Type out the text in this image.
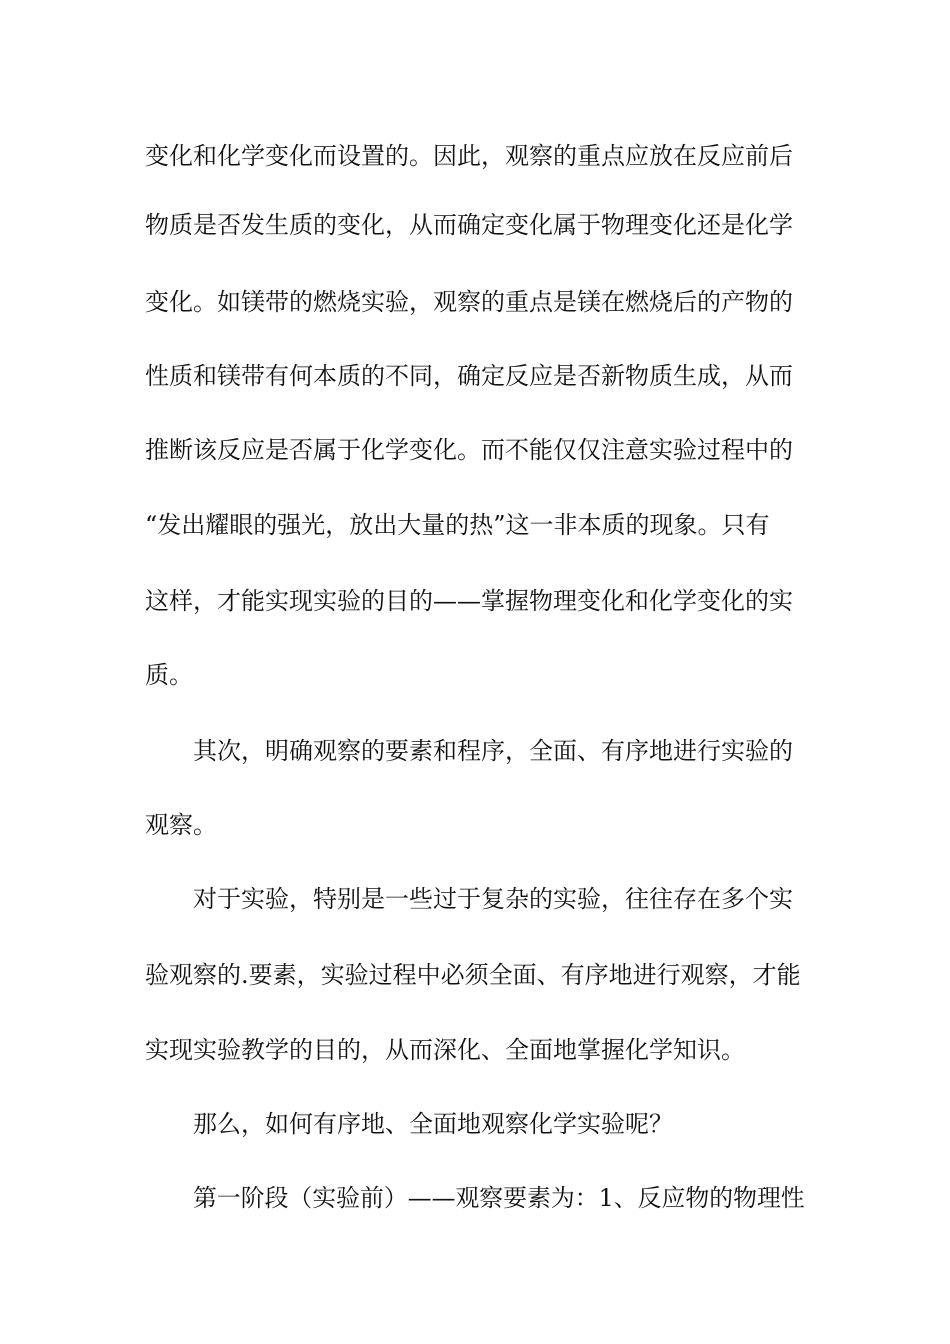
变化和化学变化而设置的。因此，观察的重点应放在反应前后
物质是否发生质的变化，从而确定变化属于物理变化还是化学
变化。如镁带的燃烧实验，观察的重点是镁在燃烧后的产物的
性质和镁带有何本质的不同，确定反应是否新物质生成，从而
推断该反应是否属于化学变化。而不能仅仅注意实验过程中的
“发出耀眼的强光，放出大量的热”这一非本质的现象。只有
这样，才能实现实验的目的——掌握物理变化和化学变化的实
质。
其次，明确观察的要素和程序，全面、有序地进行实验的
观察。
对于实验，特别是一些过于复杂的实验，往往存在多个实
验观察的.要素，实验过程中必须全面、有序地进行观察，才能
实现实验教学的目的，从而深化、全面地掌握化学知识。
那么，如何有序地、全面地观察化学实验呢？
第一阶段（实验前）——观察要素为：1、反应物的物理性
